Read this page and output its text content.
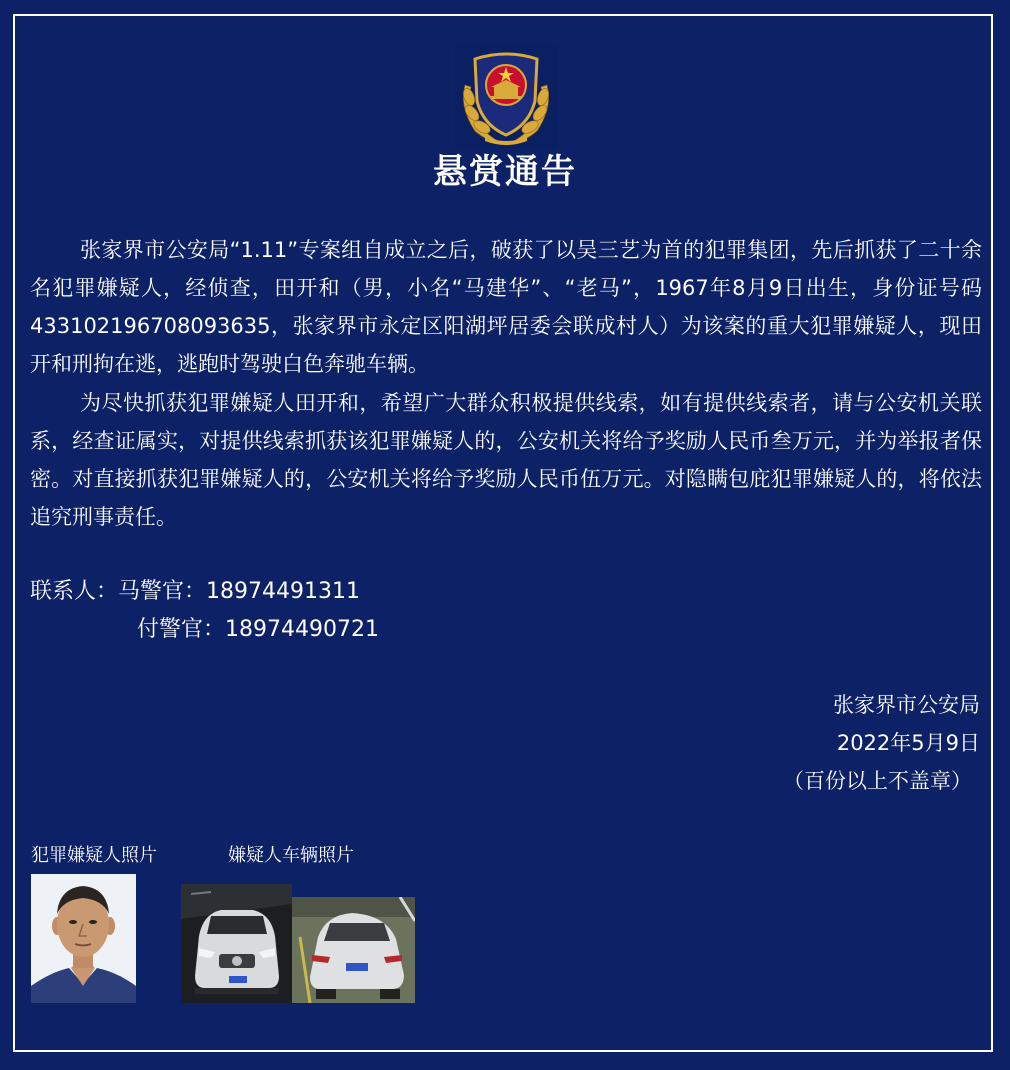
悬赏通告

张家界市公安局“1.11”专案组自成立之后，破获了以吴三艺为首的犯罪集团，先后抓获了二十余名犯罪嫌疑人，经侦查，田开和（男，小名“马建华”、“老马”，1967年8月9日出生，身份证号码433102196708093635，张家界市永定区阳湖坪居委会联成村人）为该案的重大犯罪嫌疑人，现田开和刑拘在逃，逃跑时驾驶白色奔驰车辆。

为尽快抓获犯罪嫌疑人田开和，希望广大群众积极提供线索，如有提供线索者，请与公安机关联系，经查证属实，对提供线索抓获该犯罪嫌疑人的，公安机关将给予奖励人民币叁万元，并为举报者保密。对直接抓获犯罪嫌疑人的，公安机关将给予奖励人民币伍万元。对隐瞒包庇犯罪嫌疑人的，将依法追究刑事责任。

联系人：马警官：18974491311
付警官：18974490721
张家界市公安局
2022年5月9日
（百份以上不盖章）
犯罪嫌疑人照片	嫌疑人车辆照片
